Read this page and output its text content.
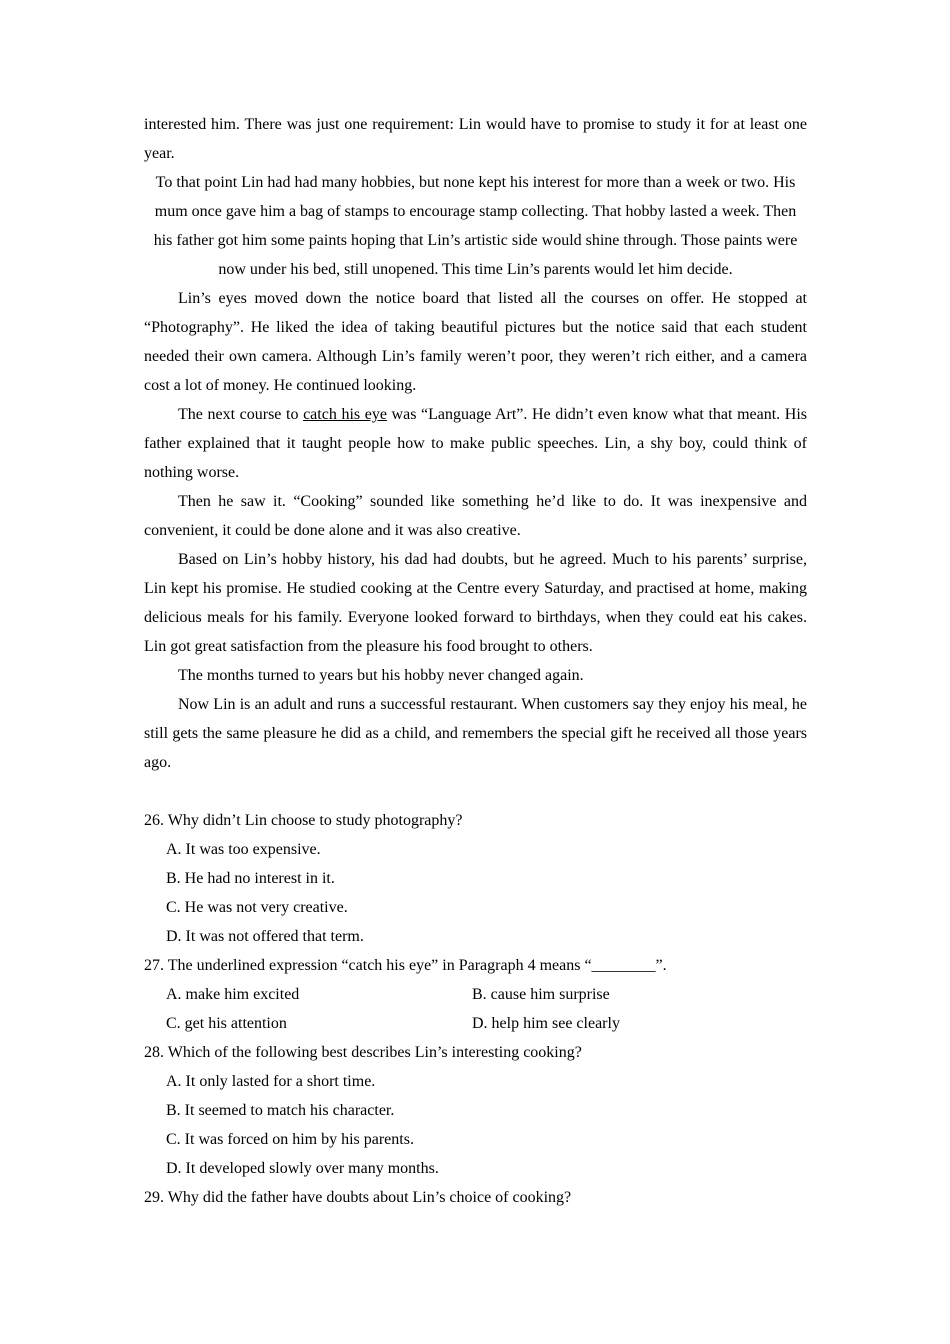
interested him. There was just one requirement: Lin would have to promise to study it for at least one year.

To that point Lin had had many hobbies, but none kept his interest for more than a week or two. His mum once gave him a bag of stamps to encourage stamp collecting. That hobby lasted a week. Then his father got him some paints hoping that Lin’s artistic side would shine through. Those paints were now under his bed, still unopened. This time Lin’s parents would let him decide.

Lin’s eyes moved down the notice board that listed all the courses on offer. He stopped at “Photography”. He liked the idea of taking beautiful pictures but the notice said that each student needed their own camera. Although Lin’s family weren’t poor, they weren’t rich either, and a camera cost a lot of money. He continued looking.

The next course to catch his eye was “Language Art”. He didn’t even know what that meant. His father explained that it taught people how to make public speeches. Lin, a shy boy, could think of nothing worse.

Then he saw it. “Cooking” sounded like something he’d like to do. It was inexpensive and convenient, it could be done alone and it was also creative.

Based on Lin’s hobby history, his dad had doubts, but he agreed. Much to his parents’ surprise, Lin kept his promise. He studied cooking at the Centre every Saturday, and practised at home, making delicious meals for his family. Everyone looked forward to birthdays, when they could eat his cakes. Lin got great satisfaction from the pleasure his food brought to others.

The months turned to years but his hobby never changed again.

Now Lin is an adult and runs a successful restaurant. When customers say they enjoy his meal, he still gets the same pleasure he did as a child, and remembers the special gift he received all those years ago.

26. Why didn’t Lin choose to study photography?

A. It was too expensive.

B. He had no interest in it.

C. He was not very creative.

D. It was not offered that term.

27. The underlined expression “catch his eye” in Paragraph 4 means “________”.

A. make him excited	B. cause him surprise
C. get his attention	D. help him see clearly

28. Which of the following best describes Lin’s interesting cooking?

A. It only lasted for a short time.

B. It seemed to match his character.

C. It was forced on him by his parents.

D. It developed slowly over many months.

29. Why did the father have doubts about Lin’s choice of cooking?
